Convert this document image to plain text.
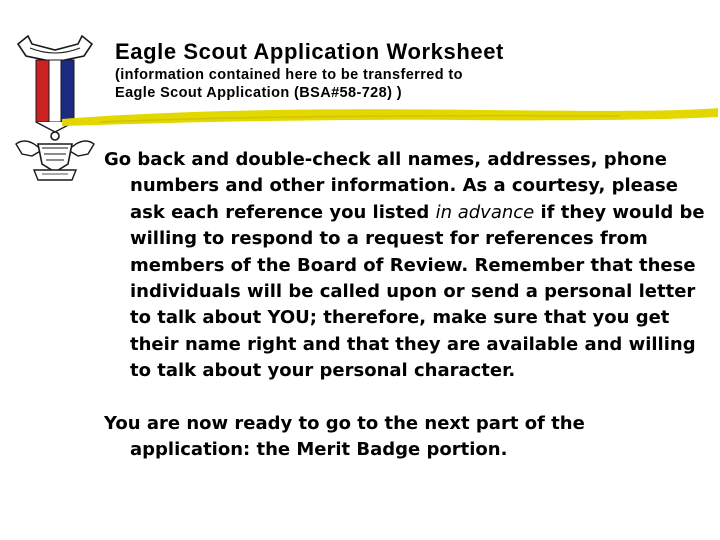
Eagle Scout Application Worksheet

(information contained here to be transferred to

Eagle Scout Application (BSA#58-728) )

Go back and double-check all names, addresses, phone numbers and other information. As a courtesy, please ask each reference you listed in advance if they would be willing to respond to a request for references from members of the Board of Review. Remember that these individuals will be called upon or send a personal letter to talk about YOU; therefore, make sure that you get their name right and that they are available and willing to talk about your personal character.

You are now ready to go to the next part of the application: the Merit Badge portion.
